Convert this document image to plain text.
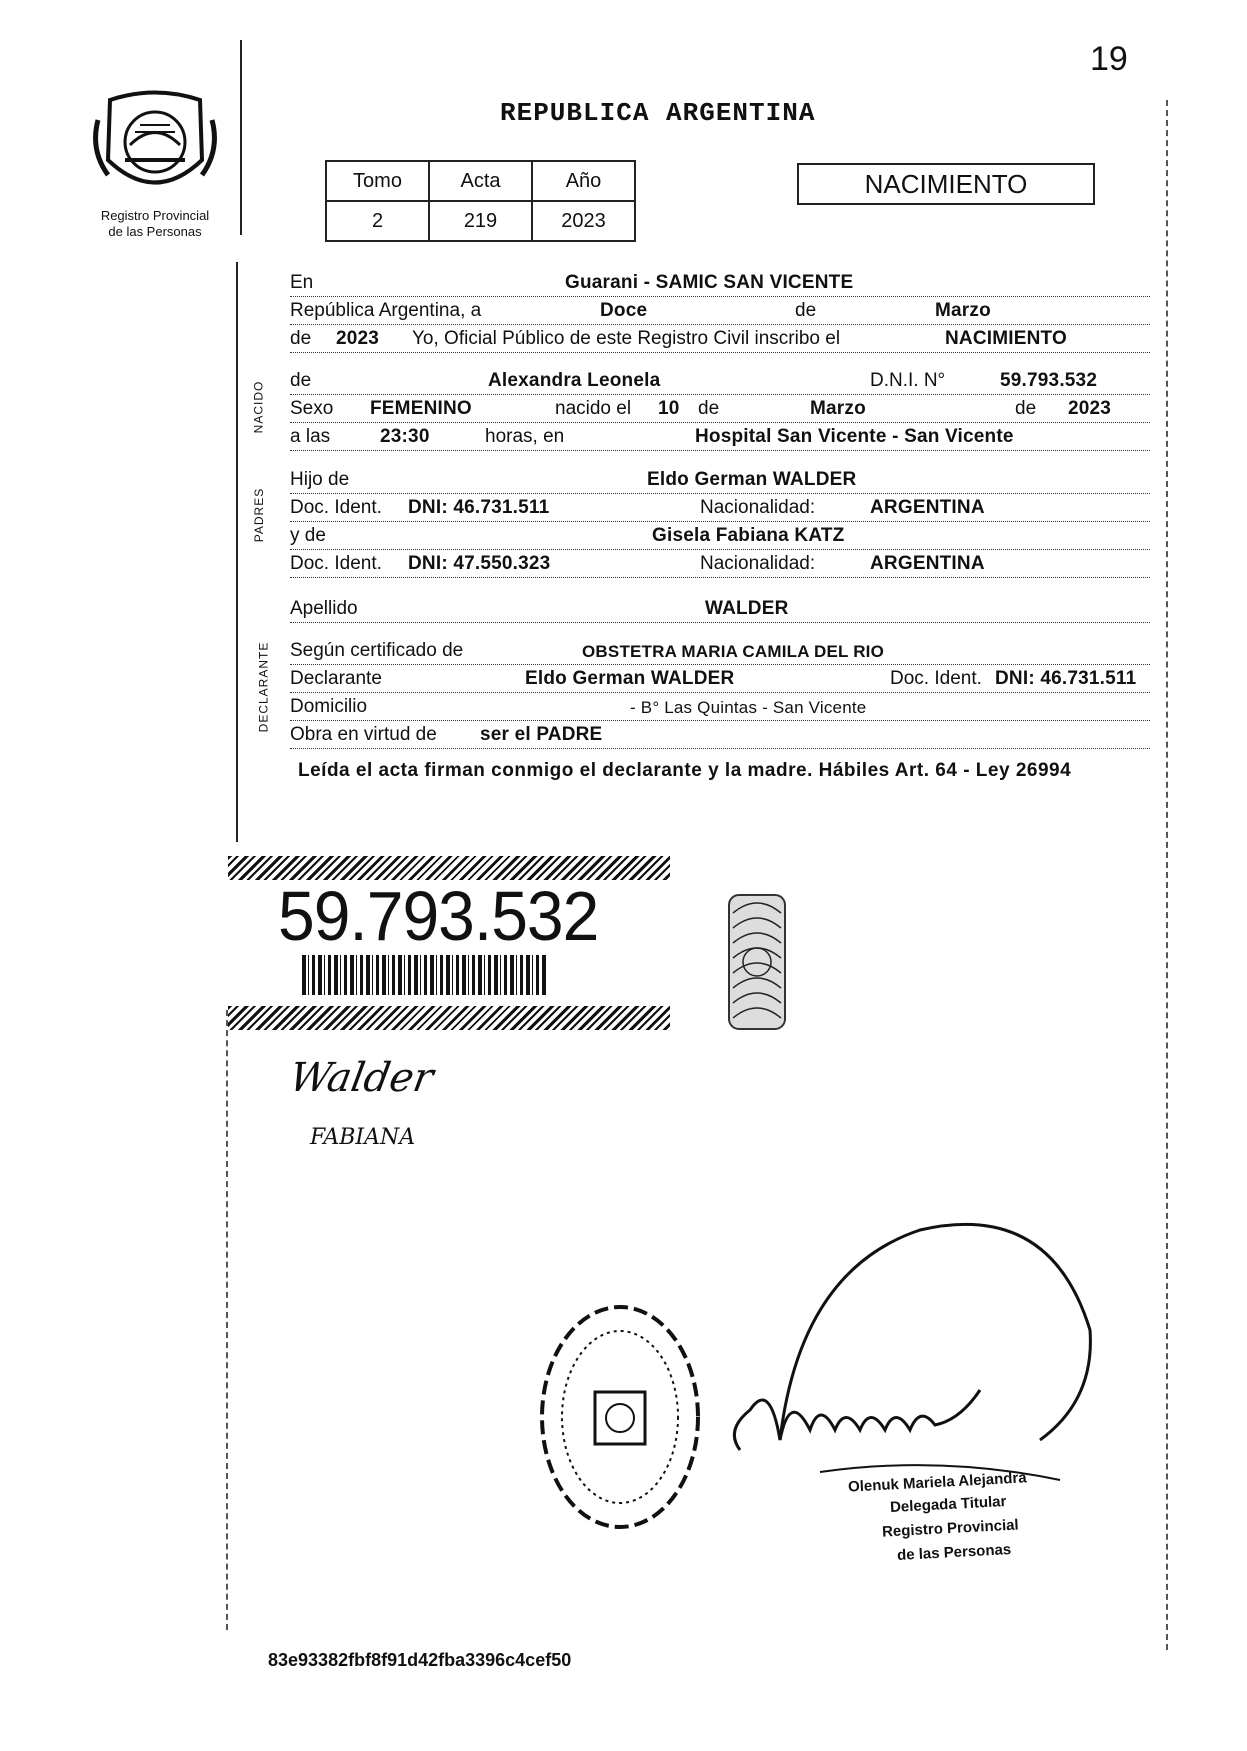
19
Registro Provincial
de las Personas
REPUBLICA ARGENTINA
Tomo	Acta	Año
2	219	2023
NACIMIENTO
NACIDO
PADRES
DECLARANTE
En	Guarani - SAMIC SAN VICENTE
República Argentina, a	Doce	de	Marzo
de 2023 Yo, Oficial Público de este Registro Civil inscribo el	NACIMIENTO
de	Alexandra Leonela	D.N.I. N°	59.793.532
Sexo FEMENINO	nacido el 10 de	Marzo	de 2023
a las	23:30	horas, en	Hospital San Vicente - San Vicente
Hijo de	Eldo German WALDER
Doc. Ident. DNI: 46.731.511	Nacionalidad:	ARGENTINA
y de	Gisela Fabiana KATZ
Doc. Ident. DNI: 47.550.323	Nacionalidad:	ARGENTINA
Apellido	WALDER
Según certificado de	OBSTETRA MARIA CAMILA DEL RIO
Declarante	Eldo German WALDER	Doc. Ident. DNI: 46.731.511
Domicilio	- B° Las Quintas - San Vicente
Obra en virtud de ser el PADRE
Leída el acta firman conmigo el declarante y la madre. Hábiles Art. 64 - Ley 26994
59.793.532
Walder
FABIANA
Olenuk Mariela Alejandra
Delegada Titular
Registro Provincial
de las Personas
83e93382fbf8f91d42fba3396c4cef50
